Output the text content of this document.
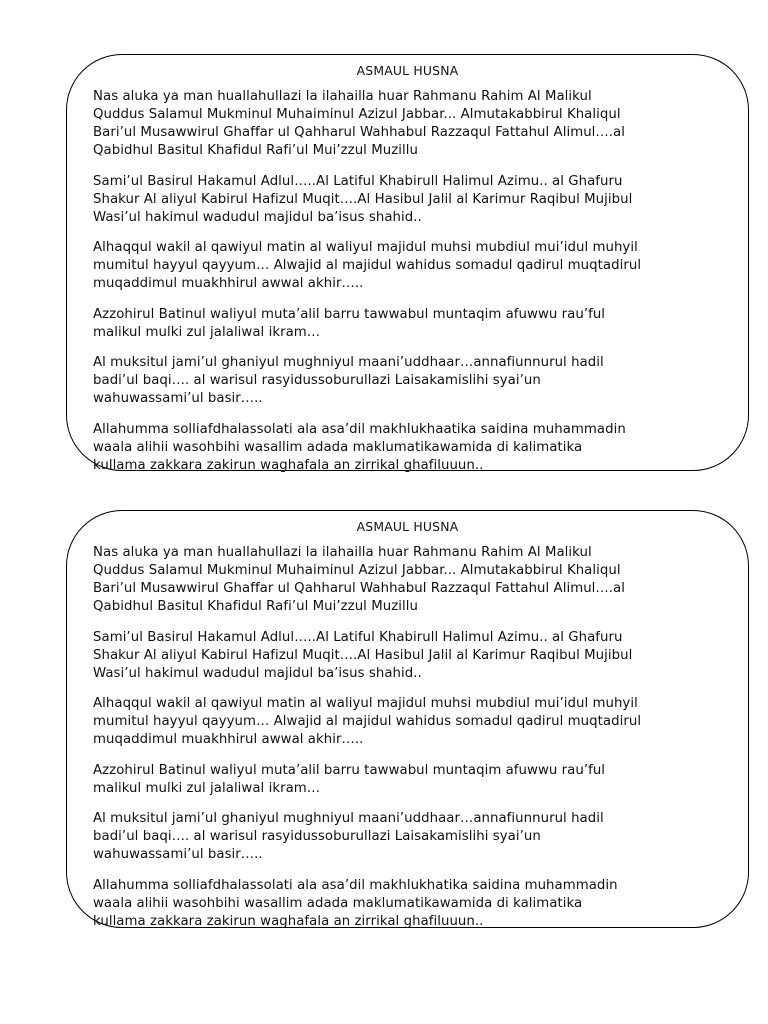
ASMAUL HUSNA

Nas aluka ya man huallahullazi la ilahailla huar Rahmanu Rahim Al Malikul
Quddus Salamul Mukminul Muhaiminul Azizul Jabbar... Almutakabbirul Khaliqul
Bari’ul Musawwirul Ghaffar ul Qahharul Wahhabul Razzaqul Fattahul Alimul….al
Qabidhul Basitul Khafidul Rafi’ul Mui’zzul Muzillu

Sami’ul Basirul Hakamul Adlul…..Al Latiful Khabirull Halimul Azimu.. al Ghafuru
Shakur Al aliyul Kabirul Hafizul Muqit….Al Hasibul Jalil al Karimur Raqibul Mujibul
Wasi’ul hakimul wadudul majidul ba’isus shahid..

Alhaqqul wakil al qawiyul matin al waliyul majidul muhsi mubdiul mui’idul muhyil
mumitul hayyul qayyum… Alwajid al majidul wahidus somadul qadirul muqtadirul
muqaddimul muakhhirul awwal akhir…..

Azzohirul Batinul waliyul muta’alil barru tawwabul muntaqim afuwwu rau’ful
malikul mulki zul jalaliwal ikram…

Al muksitul jami’ul ghaniyul mughniyul maani’uddhaar…annafiunnurul hadil
badi’ul baqi…. al warisul rasyidussoburullazi Laisakamislihi syai’un
wahuwassami’ul basir…..

Allahumma solliafdhalassolati ala asa’dil makhlukhaatika saidina muhammadin
waala alihii wasohbihi wasallim adada maklumatikawamida di kalimatika
kullama zakkara zakirun waghafala an zirrikal ghafiluuun..

ASMAUL HUSNA

Nas aluka ya man huallahullazi la ilahailla huar Rahmanu Rahim Al Malikul
Quddus Salamul Mukminul Muhaiminul Azizul Jabbar... Almutakabbirul Khaliqul
Bari’ul Musawwirul Ghaffar ul Qahharul Wahhabul Razzaqul Fattahul Alimul….al
Qabidhul Basitul Khafidul Rafi’ul Mui’zzul Muzillu

Sami’ul Basirul Hakamul Adlul…..Al Latiful Khabirull Halimul Azimu.. al Ghafuru
Shakur Al aliyul Kabirul Hafizul Muqit….Al Hasibul Jalil al Karimur Raqibul Mujibul
Wasi’ul hakimul wadudul majidul ba’isus shahid..

Alhaqqul wakil al qawiyul matin al waliyul majidul muhsi mubdiul mui’idul muhyil
mumitul hayyul qayyum… Alwajid al majidul wahidus somadul qadirul muqtadirul
muqaddimul muakhhirul awwal akhir…..

Azzohirul Batinul waliyul muta’alil barru tawwabul muntaqim afuwwu rau’ful
malikul mulki zul jalaliwal ikram…

Al muksitul jami’ul ghaniyul mughniyul maani’uddhaar…annafiunnurul hadil
badi’ul baqi…. al warisul rasyidussoburullazi Laisakamislihi syai’un
wahuwassami’ul basir…..

Allahumma solliafdhalassolati ala asa’dil makhlukhatika saidina muhammadin
waala alihii wasohbihi wasallim adada maklumatikawamida di kalimatika
kullama zakkara zakirun waghafala an zirrikal ghafiluuun..
